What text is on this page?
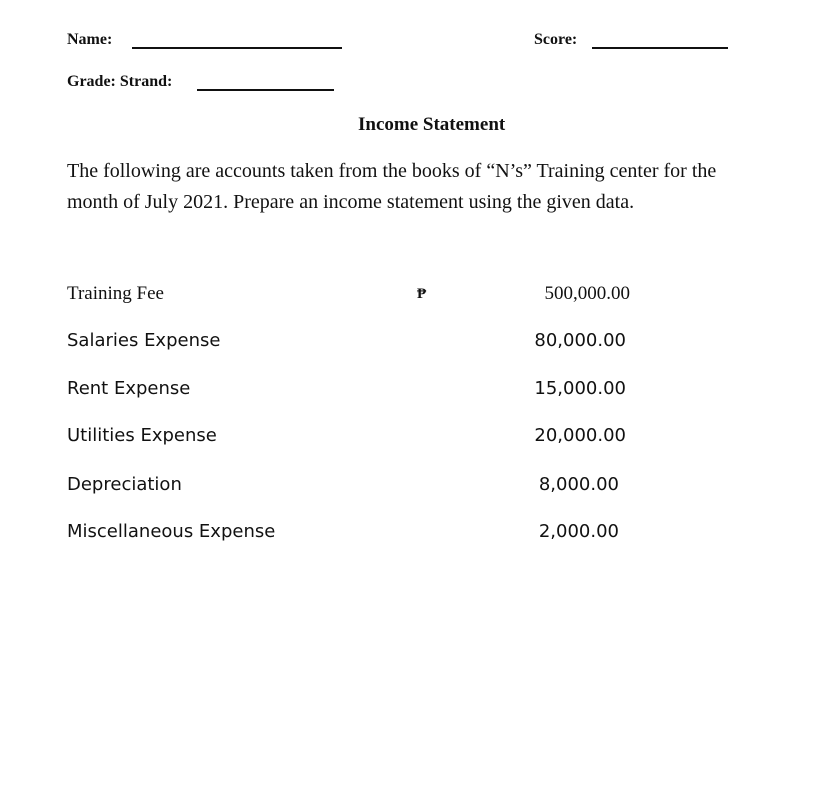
Name:	Score:
Grade: Strand:
Income Statement
The following are accounts taken from the books of “N’s” Training center for the
month of July 2021. Prepare an income statement using the given data.
Training Fee	₱	500,000.00
Salaries Expense	80,000.00
Rent Expense	15,000.00
Utilities Expense	20,000.00
Depreciation	8,000.00
Miscellaneous Expense	2,000.00
